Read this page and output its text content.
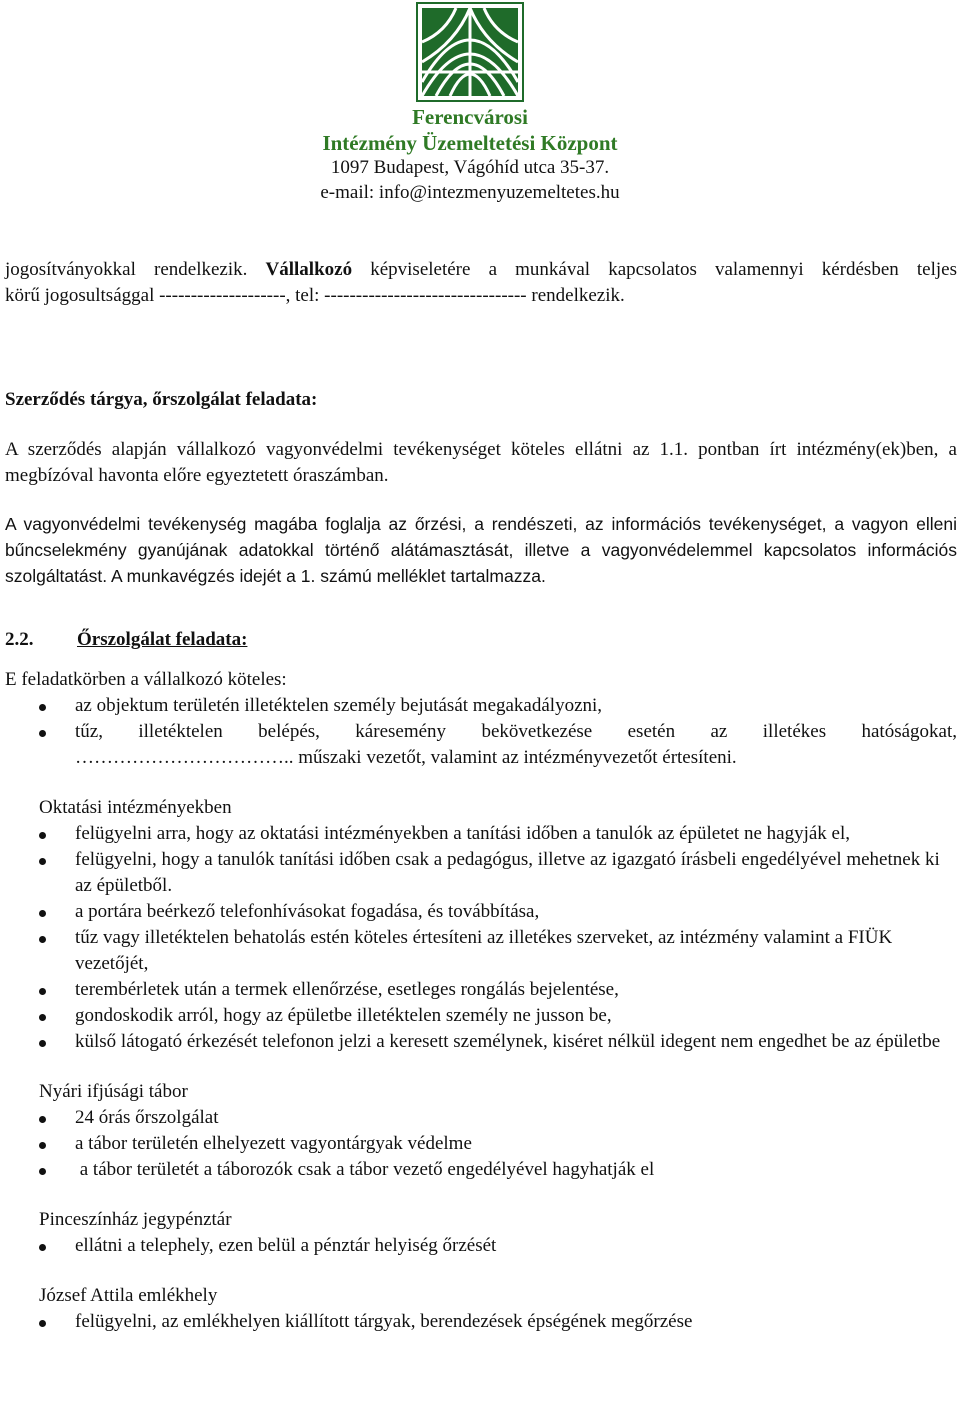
Ferencvárosi
Intézmény Üzemeltetési Központ
1097 Budapest, Vágóhíd utca 35-37.
e-mail: info@intezmenyuzemeltetes.hu

jogosítványokkal rendelkezik. Vállalkozó képviseletére a munkával kapcsolatos valamennyi kérdésben teljes

körű jogosultsággal --------------------, tel: -------------------------------- rendelkezik.

Szerződés tárgya, őrszolgálat feladata:

A szerződés alapján vállalkozó vagyonvédelmi tevékenységet köteles ellátni az 1.1. pontban írt intézmény(ek)ben, a megbízóval havonta előre egyeztetett óraszámban.

A vagyonvédelmi tevékenység magába foglalja az őrzési, a rendészeti, az információs tevékenységet, a vagyon elleni bűncselekmény gyanújának adatokkal történő alátámasztását, illetve a vagyonvédelemmel kapcsolatos információs szolgáltatást. A munkavégzés idejét a 1. számú melléklet tartalmazza.

2.2. Őrszolgálat feladata:

E feladatkörben a vállalkozó köteles:

az objektum területén illetéktelen személy bejutását megakadályozni,
tűz, illetéktelen belépés, káresemény bekövetkezése esetén az illetékes hatóságokat,

…………………………….. műszaki vezetőt, valamint az intézményvezetőt értesíteni.

Oktatási intézményekben

felügyelni arra, hogy az oktatási intézményekben a tanítási időben a tanulók az épületet ne hagyják el,
felügyelni, hogy a tanulók tanítási időben csak a pedagógus, illetve az igazgató írásbeli engedélyével mehetnek ki az épületből.
a portára beérkező telefonhívásokat fogadása, és továbbítása,
tűz vagy illetéktelen behatolás estén köteles értesíteni az illetékes szerveket, az intézmény valamint a FIÜK vezetőjét,
terembérletek után a termek ellenőrzése, esetleges rongálás bejelentése,
gondoskodik arról, hogy az épületbe illetéktelen személy ne jusson be,
külső látogató érkezését telefonon jelzi a keresett személynek, kiséret nélkül idegent nem engedhet be az épületbe

Nyári ifjúsági tábor

24 órás őrszolgálat
a tábor területén elhelyezett vagyontárgyak védelme
a tábor területét a táborozók csak a tábor vezető engedélyével hagyhatják el

Pinceszínház jegypénztár

ellátni a telephely, ezen belül a pénztár helyiség őrzését

József Attila emlékhely

felügyelni, az emlékhelyen kiállított tárgyak, berendezések épségének megőrzése
